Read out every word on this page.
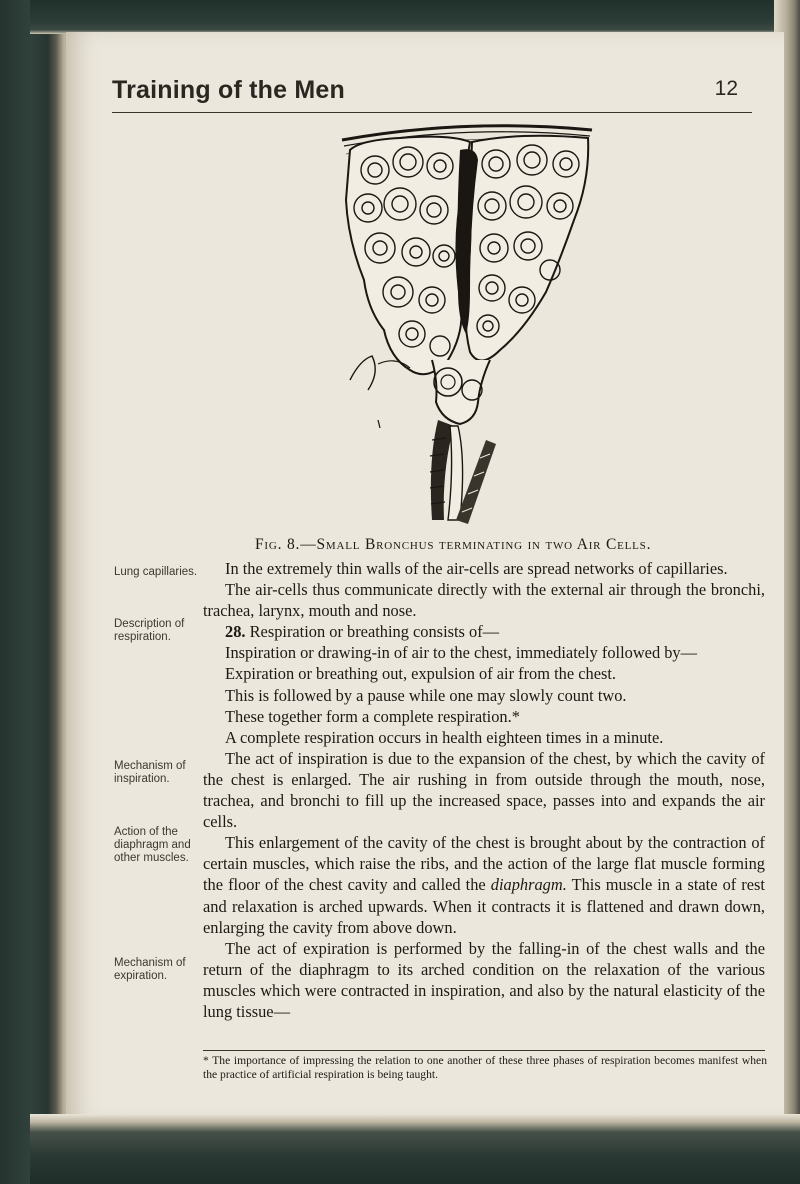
Training of the Men	12
Fig. 8.—Small Bronchus terminating in two Air Cells.
Lung capillaries.
Description of respiration.
Mechanism of inspiration.
Action of the diaphragm and other muscles.
Mechanism of expiration.

In the extremely thin walls of the air-cells are spread networks of capillaries.

The air-cells thus communicate directly with the external air through the bronchi, trachea, larynx, mouth and nose.

28. Respiration or breathing consists of—

Inspiration or drawing-in of air to the chest, immediately followed by—

Expiration or breathing out, expulsion of air from the chest.

This is followed by a pause while one may slowly count two.

These together form a complete respiration.*

A complete respiration occurs in health eighteen times in a minute.

The act of inspiration is due to the expansion of the chest, by which the cavity of the chest is enlarged. The air rushing in from outside through the mouth, nose, trachea, and bronchi to fill up the increased space, passes into and expands the air cells.

This enlargement of the cavity of the chest is brought about by the contraction of certain muscles, which raise the ribs, and the action of the large flat muscle forming the floor of the chest cavity and called the diaphragm. This muscle in a state of rest and relaxation is arched upwards. When it contracts it is flattened and drawn down, enlarging the cavity from above down.

The act of expiration is performed by the falling-in of the chest walls and the return of the diaphragm to its arched condition on the relaxation of the various muscles which were contracted in inspiration, and also by the natural elasticity of the lung tissue—

* The importance of impressing the relation to one another of these three phases of respiration becomes manifest when the practice of artificial respiration is being taught.
